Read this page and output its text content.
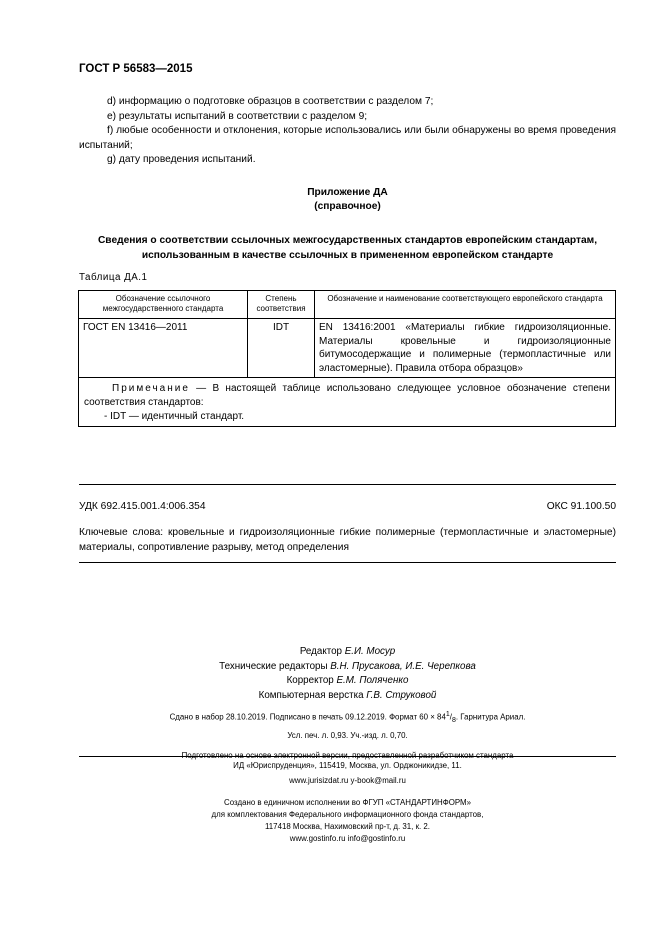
ГОСТ Р 56583—2015

d) информацию о подготовке образцов в соответствии с разделом 7;

e) результаты испытаний в соответствии с разделом 9;

f) любые особенности и отклонения, которые использовались или были обнаружены во время проведения испытаний;

g) дату проведения испытаний.

Приложение ДА
(справочное)
Сведения о соответствии ссылочных межгосударственных стандартов европейским стандартам, использованным в качестве ссылочных в примененном европейском стандарте
Таблица ДА.1
Обозначение ссылочного межгосударственного стандарта	Степень соответствия	Обозначение и наименование соответствующего европейского стандарта
ГОСТ EN 13416—2011	IDT	EN 13416:2001 «Материалы гибкие гидроизоляционные. Материалы кровельные и гидроизоляционные битумосодержащие и полимерные (термопластичные или эластомерные). Правила отбора образцов»

Примечание — В настоящей таблице использовано следующее условное обозначение степени соответствия стандартов:
- IDT — идентичный стандарт.		
УДК 692.415.001.4:006.354	ОКС 91.100.50
Ключевые слова: кровельные и гидроизоляционные гибкие полимерные (термопластичные и эластомерные) материалы, сопротивление разрыву, метод определения

Редактор Е.И. Мосур

Технические редакторы В.Н. Прусакова, И.Е. Черепкова

Корректор Е.М. Поляченко

Компьютерная верстка Г.В. Струковой

Сдано в набор 28.10.2019. Подписано в печать 09.12.2019. Формат $60 \times 84^1/_8$. Гарнитура Ариал.

Усл. печ. л. 0,93. Уч.-изд. л. 0,70.

Подготовлено на основе электронной версии, предоставленной разработчиком стандарта

ИД «Юриспруденция», 115419, Москва, ул. Орджоникидзе, 11.

www.jurisizdat.ru y-book@mail.ru

Создано в единичном исполнении во ФГУП «СТАНДАРТИНФОРМ»

для комплектования Федерального информационного фонда стандартов,

117418 Москва, Нахимовский пр-т, д. 31, к. 2.

www.gostinfo.ru info@gostinfo.ru
